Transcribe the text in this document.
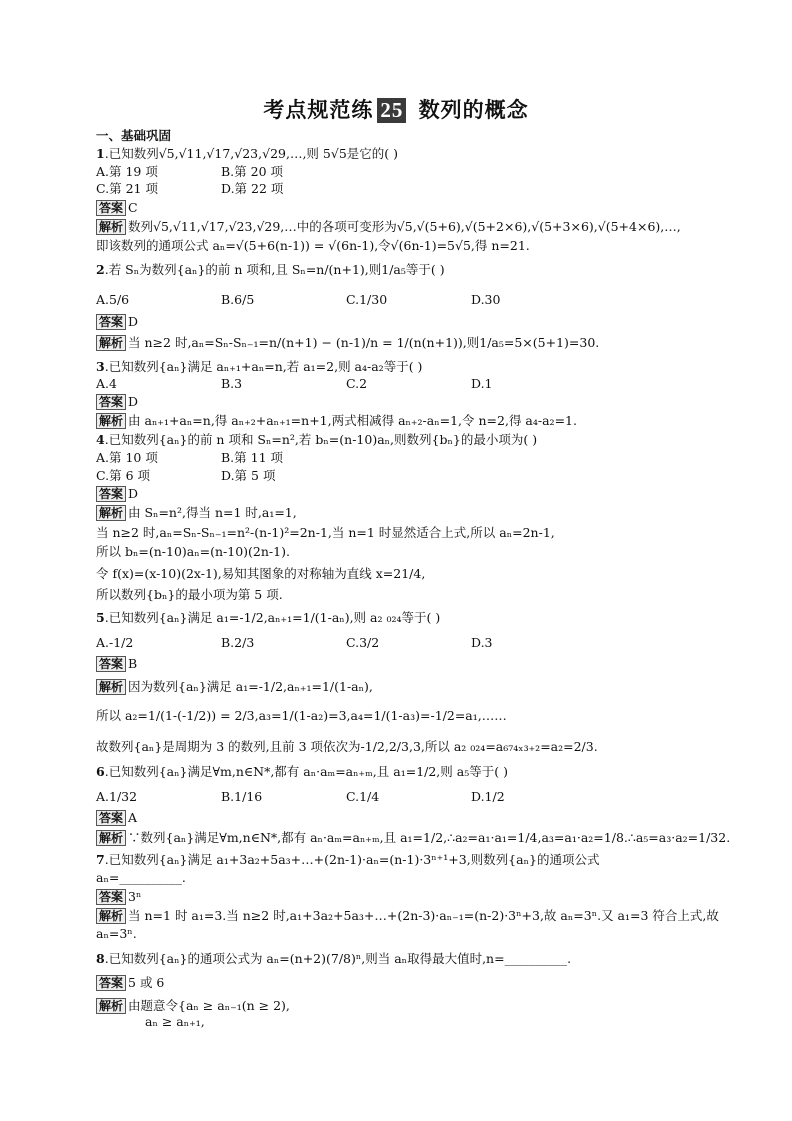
考点规范练 25 数列的概念
一、基础巩固
1.已知数列√5,√11,√17,√23,√29,…,则 5√5是它的( )
A.第 19 项	B.第 20 项
C.第 21 项	D.第 22 项
答案 C
解析 数列√5,√11,√17,√23,√29,…中的各项可变形为√5,√(5+6),√(5+2×6),√(5+3×6),√(5+4×6),…,
即该数列的通项公式 aₙ=√(5+6(n-1)) = √(6n-1),令√(6n-1)=5√5,得 n=21.
2.若 Sₙ为数列{aₙ}的前 n 项和,且 Sₙ=n/(n+1),则1/a₅等于( )
A.5/6	B.6/5	C.1/30	D.30
答案 D
解析 当 n≥2 时,aₙ=Sₙ-Sₙ₋₁=n/(n+1) − (n-1)/n = 1/(n(n+1)),则1/a₅=5×(5+1)=30.
3.已知数列{aₙ}满足 aₙ₊₁+aₙ=n,若 a₁=2,则 a₄-a₂等于( )
A.4	B.3	C.2	D.1
答案 D
解析 由 aₙ₊₁+aₙ=n,得 aₙ₊₂+aₙ₊₁=n+1,两式相减得 aₙ₊₂-aₙ=1,令 n=2,得 a₄-a₂=1.
4.已知数列{aₙ}的前 n 项和 Sₙ=n²,若 bₙ=(n-10)aₙ,则数列{bₙ}的最小项为( )
A.第 10 项	B.第 11 项
C.第 6 项	D.第 5 项
答案 D
解析 由 Sₙ=n²,得当 n=1 时,a₁=1,
当 n≥2 时,aₙ=Sₙ-Sₙ₋₁=n²-(n-1)²=2n-1,当 n=1 时显然适合上式,所以 aₙ=2n-1,
所以 bₙ=(n-10)aₙ=(n-10)(2n-1).
令 f(x)=(x-10)(2x-1),易知其图象的对称轴为直线 x=21/4,
所以数列{bₙ}的最小项为第 5 项.
5.已知数列{aₙ}满足 a₁=-1/2,aₙ₊₁=1/(1-aₙ),则 a₂ ₀₂₄等于( )
A.-1/2	B.2/3	C.3/2	D.3
答案 B
解析 因为数列{aₙ}满足 a₁=-1/2,aₙ₊₁=1/(1-aₙ),
所以 a₂=1/(1-(-1/2)) = 2/3,a₃=1/(1-a₂)=3,a₄=1/(1-a₃)=-1/2=a₁,……
故数列{aₙ}是周期为 3 的数列,且前 3 项依次为-1/2,2/3,3,所以 a₂ ₀₂₄=a₆₇₄ₓ₃₊₂=a₂=2/3.
6.已知数列{aₙ}满足∀m,n∈N*,都有 aₙ·aₘ=aₙ₊ₘ,且 a₁=1/2,则 a₅等于( )
A.1/32	B.1/16	C.1/4	D.1/2
答案 A
解析 ∵数列{aₙ}满足∀m,n∈N*,都有 aₙ·aₘ=aₙ₊ₘ,且 a₁=1/2,∴a₂=a₁·a₁=1/4,a₃=a₁·a₂=1/8.∴a₅=a₃·a₂=1/32.
7.已知数列{aₙ}满足 a₁+3a₂+5a₃+…+(2n-1)·aₙ=(n-1)·3ⁿ⁺¹+3,则数列{aₙ}的通项公式
aₙ=__________.
答案 3ⁿ
解析 当 n=1 时 a₁=3.当 n≥2 时,a₁+3a₂+5a₃+…+(2n-3)·aₙ₋₁=(n-2)·3ⁿ+3,故 aₙ=3ⁿ.又 a₁=3 符合上式,故
aₙ=3ⁿ.
8.已知数列{aₙ}的通项公式为 aₙ=(n+2)(7/8)ⁿ,则当 aₙ取得最大值时,n=__________.
答案 5 或 6
解析 由题意令{aₙ ≥ aₙ₋₁(n ≥ 2),
aₙ ≥ aₙ₊₁,
